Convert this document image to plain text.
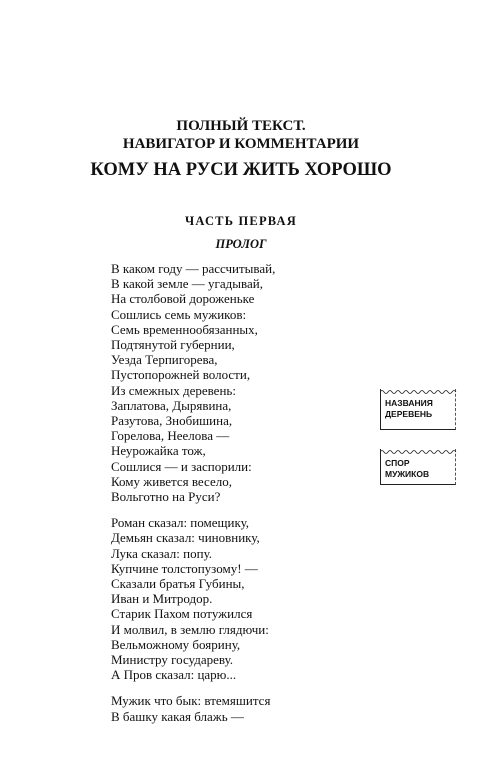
ПОЛНЫЙ ТЕКСТ.
НАВИГАТОР И КОММЕНТАРИИ
КОМУ НА РУСИ ЖИТЬ ХОРОШО
ЧАСТЬ ПЕРВАЯ
ПРОЛОГ
В каком году — рассчитывай,
В какой земле — угадывай,
На столбовой дороженьке
Сошлись семь мужиков:
Семь временнообязанных,
Подтянутой губернии,
Уезда Терпигорева,
Пустопорожней волости,
Из смежных деревень:
Заплатова, Дырявина,
Разутова, Знобишина,
Горелова, Неелова —
Неурожайка тож,
Сошлися — и заспорили:
Кому живется весело,
Вольготно на Руси?
Роман сказал: помещику,
Демьян сказал: чиновнику,
Лука сказал: попу.
Купчине толстопузому! —
Сказали братья Губины,
Иван и Митродор.
Старик Пахом потужился
И молвил, в землю глядючи:
Вельможному боярину,
Министру государеву.
А Пров сказал: царю...
Мужик что бык: втемяшится
В башку какая блажь —
НАЗВАНИЯ
ДЕРЕВЕНЬ
СПОР
МУЖИКОВ
